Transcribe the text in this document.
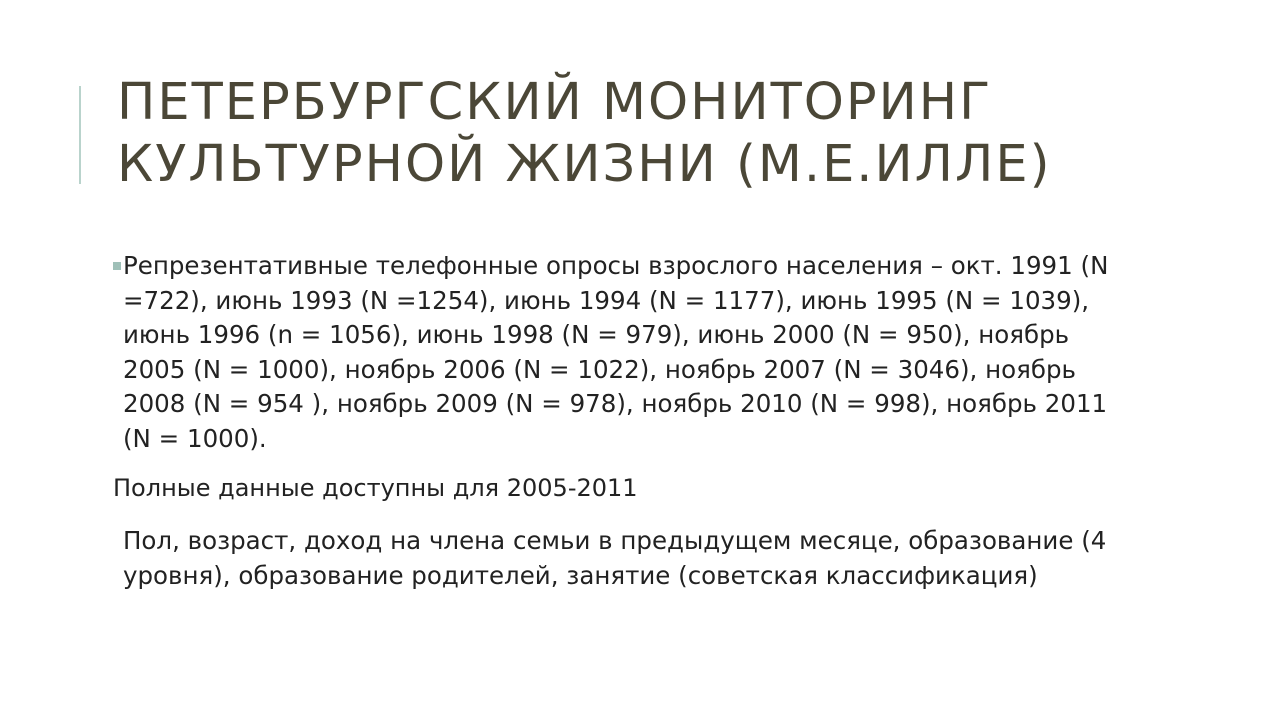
ПЕТЕРБУРГСКИЙ МОНИТОРИНГ КУЛЬТУРНОЙ ЖИЗНИ (М.Е.ИЛЛЕ)
Репрезентативные телефонные опросы взрослого населения – окт. 1991 (N =722), июнь 1993 (N =1254), июнь 1994 (N = 1177), июнь 1995 (N = 1039), июнь 1996 (n = 1056), июнь 1998 (N = 979), июнь 2000 (N = 950), ноябрь 2005 (N = 1000), ноябрь 2006 (N = 1022), ноябрь 2007 (N = 3046), ноябрь 2008 (N = 954 ), ноябрь 2009 (N = 978), ноябрь 2010 (N = 998), ноябрь 2011 (N = 1000).
Полные данные доступны для 2005-2011
Пол, возраст, доход на члена семьи в предыдущем месяце, образование (4 уровня), образование родителей, занятие (советская классификация)
